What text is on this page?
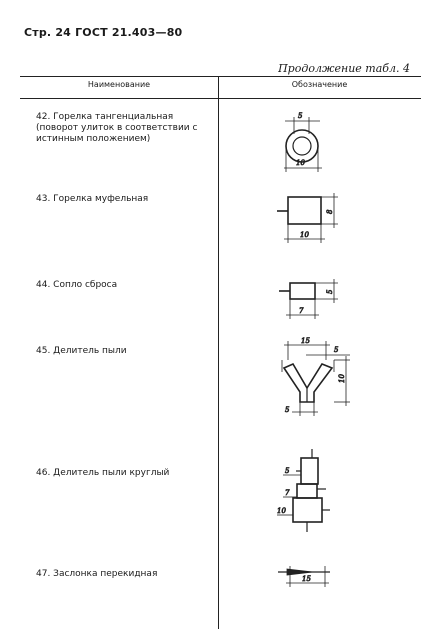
Стр. 24 ГОСТ 21.403—80
Продолжение табл. 4
Наименование	Обозначение
42. Горелка тангенциальная (поворот улиток в соответствии с истинным положением)
43. Горелка муфельная
44. Сопло сброса
45. Делитель пыли
46. Делитель пыли круглый
47. Заслонка перекидная
5
10
8
10
5
7
15
5
10
5
5
7
10
15
